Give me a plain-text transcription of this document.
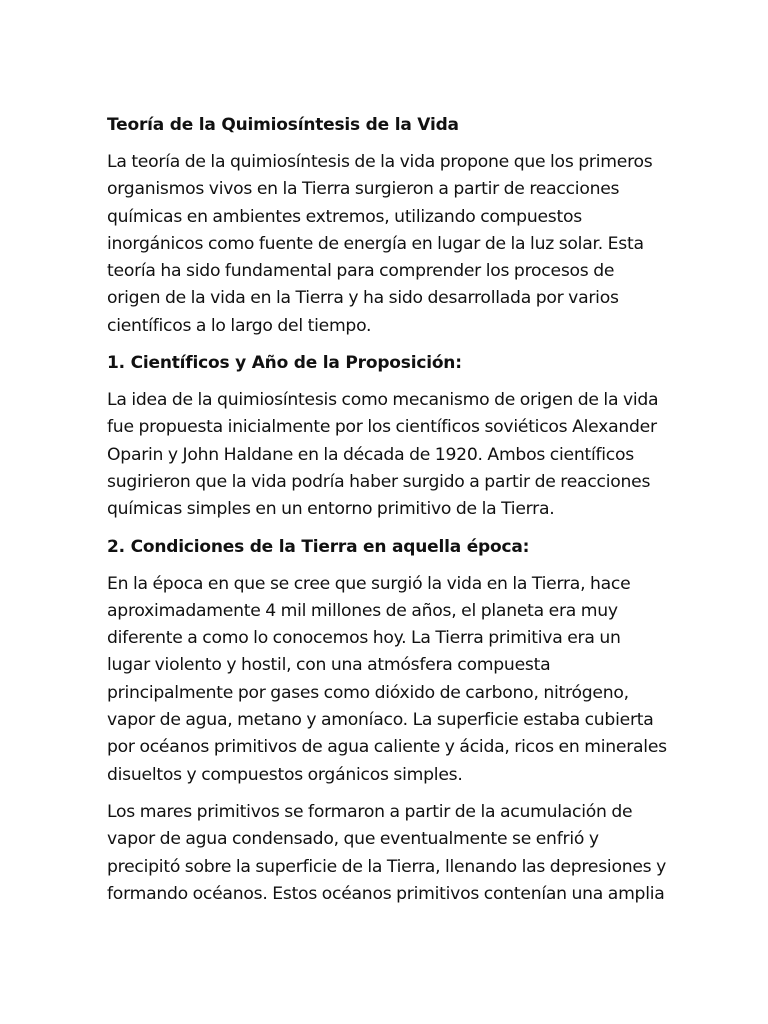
Teoría de la Quimiosíntesis de la Vida
La teoría de la quimiosíntesis de la vida propone que los primeros organismos vivos en la Tierra surgieron a partir de reacciones químicas en ambientes extremos, utilizando compuestos inorgánicos como fuente de energía en lugar de la luz solar. Esta teoría ha sido fundamental para comprender los procesos de origen de la vida en la Tierra y ha sido desarrollada por varios científicos a lo largo del tiempo.
1. Científicos y Año de la Proposición:
La idea de la quimiosíntesis como mecanismo de origen de la vida fue propuesta inicialmente por los científicos soviéticos Alexander Oparin y John Haldane en la década de 1920. Ambos científicos sugirieron que la vida podría haber surgido a partir de reacciones químicas simples en un entorno primitivo de la Tierra.
2. Condiciones de la Tierra en aquella época:
En la época en que se cree que surgió la vida en la Tierra, hace aproximadamente 4 mil millones de años, el planeta era muy diferente a como lo conocemos hoy. La Tierra primitiva era un lugar violento y hostil, con una atmósfera compuesta principalmente por gases como dióxido de carbono, nitrógeno, vapor de agua, metano y amoníaco. La superficie estaba cubierta por océanos primitivos de agua caliente y ácida, ricos en minerales disueltos y compuestos orgánicos simples.
Los mares primitivos se formaron a partir de la acumulación de vapor de agua condensado, que eventualmente se enfrió y precipitó sobre la superficie de la Tierra, llenando las depresiones y formando océanos. Estos océanos primitivos contenían una amplia
